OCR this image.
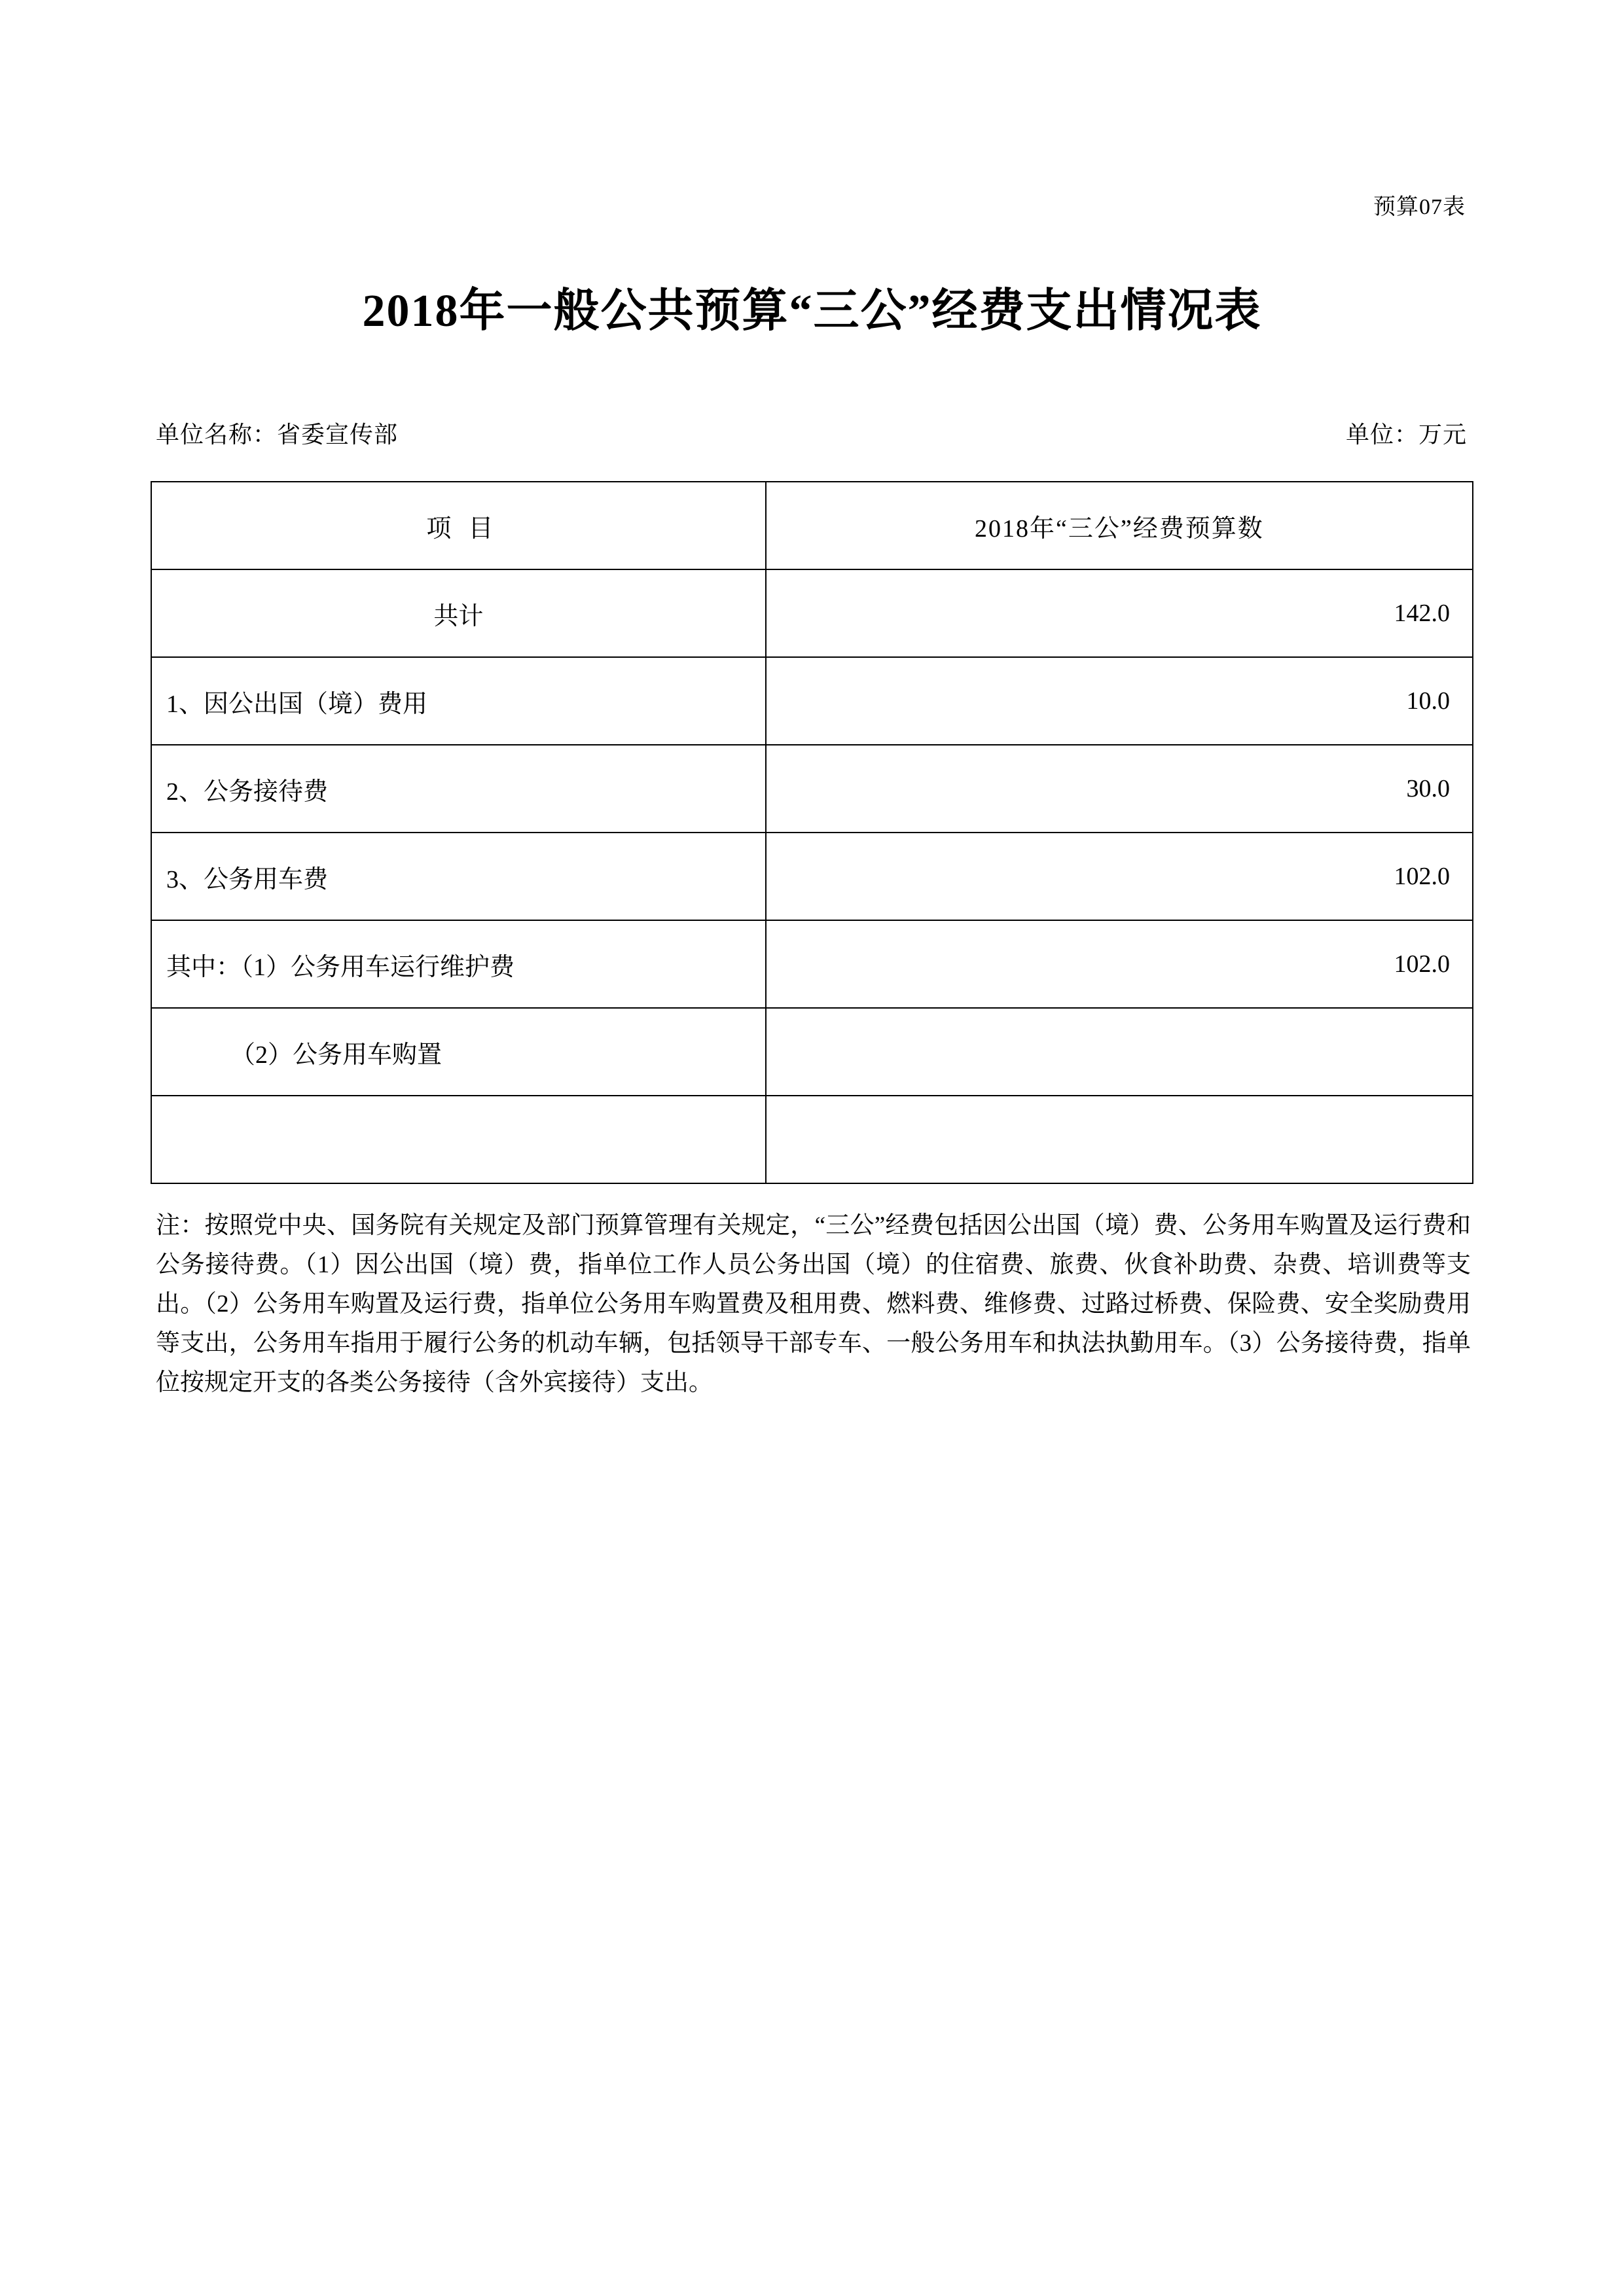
预算07表
2018年一般公共预算“三公”经费支出情况表
单位名称：省委宣传部	单位：万元
项目	2018年“三公”经费预算数
共计	142.0
1、因公出国（境）费用	10.0
2、公务接待费	30.0
3、公务用车费	102.0
其中：（1）公务用车运行维护费	102.0
（2）公务用车购置	

注：按照党中央、国务院有关规定及部门预算管理有关规定，“三公”经费包括因公出国（境）费、公务用车购置及运行费和公务接待费。（1）因公出国（境）费，指单位工作人员公务出国（境）的住宿费、旅费、伙食补助费、杂费、培训费等支出。（2）公务用车购置及运行费，指单位公务用车购置费及租用费、燃料费、维修费、过路过桥费、保险费、安全奖励费用等支出，公务用车指用于履行公务的机动车辆，包括领导干部专车、一般公务用车和执法执勤用车。（3）公务接待费，指单位按规定开支的各类公务接待（含外宾接待）支出。
